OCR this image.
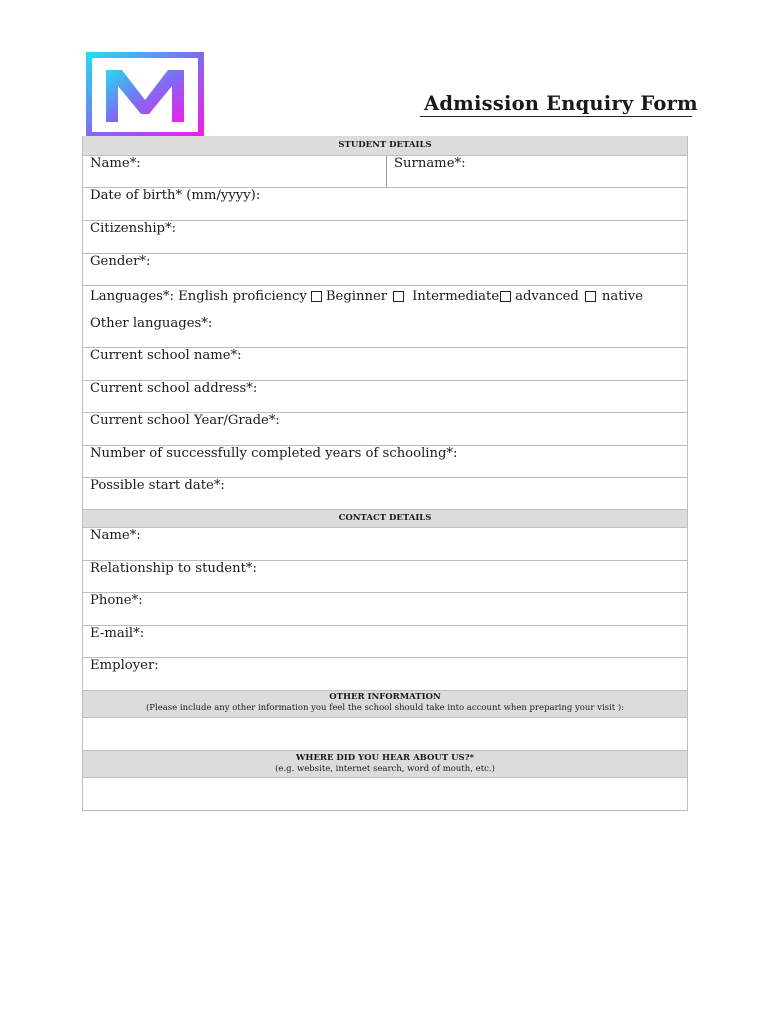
Admission Enquiry Form
STUDENT DETAILS
Name*:	Surname*:
Date of birth* (mm/yyyy):
Citizenship*:
Gender*:
Languages*: English proficiency Beginner Intermediate advanced native
Other languages*:
Current school name*:
Current school address*:
Current school Year/Grade*:
Number of successfully completed years of schooling*:
Possible start date*:
CONTACT DETAILS
Name*:
Relationship to student*:
Phone*:
E-mail*:
Employer:
OTHER INFORMATION
(Please include any other information you feel the school should take into account when preparing your visit ):
WHERE DID YOU HEAR ABOUT US?*
(e.g. website, internet search, word of mouth, etc.)
